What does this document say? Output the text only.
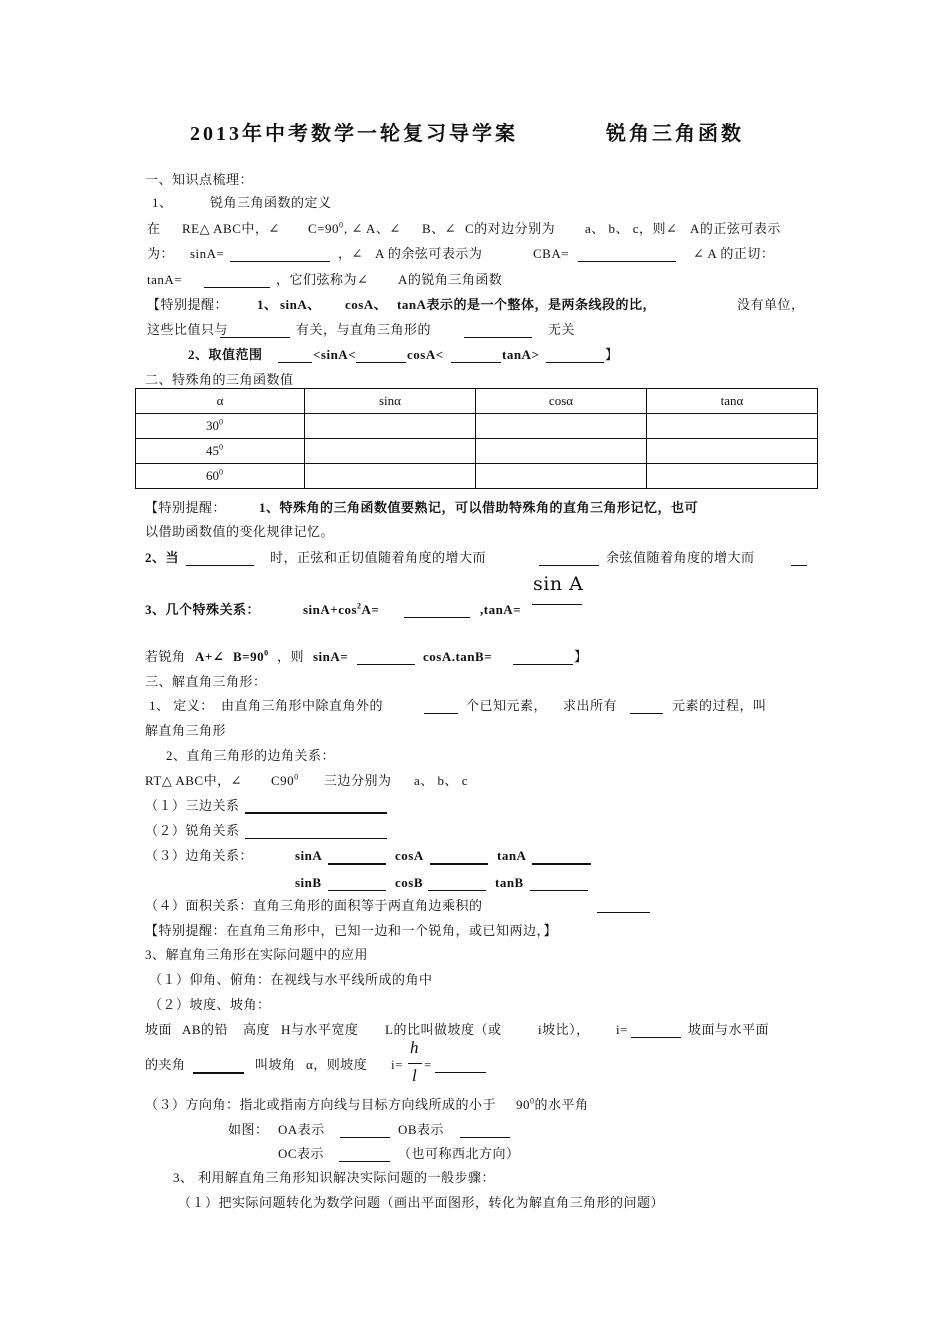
2013年中考数学一轮复习导学案	锐角三角函数
一、知识点梳理：
1、	锐角三角函数的定义
在 RE△ ABC中，∠ $C=90^0$ , ∠ A、∠ B、∠ C的对边分别为 a、 b、 c，则∠ A的正弦可表示
为： sinA=	，∠ A 的余弦可表示为	CBA=	∠ A 的正切：
tanA=	，它们弦称为∠ A的锐角三角函数
【特别提醒： 1、 sinA、 cosA、 tanA表示的是一个整体，是两条线段的比，	没有单位，
这些比值只与	有关，与直角三角形的	无关
2、取值范围	<sinA<	cosA<	tanA>	】
二、特殊角的三角函数值
α	sinα	cosα	tanα
$30^0$			
$45^0$			
$60^0$			
【特别提醒：	1、特殊角的三角函数值要熟记，可以借助特殊角的直角三角形记忆，也可
以借助函数值的变化规律记忆。
2、当	时，正弦和正切值随着角度的增大而	余弦值随着角度的增大而
sin A
3、几个特殊关系：	$\sin A+\cos^2A=$	,tanA=
若锐角 A+∠ $B=90^0$ ，则 sinA=	cosA.tanB=	】
三、解直角三角形：
1、 定义： 由直角三角形中除直角外的	个已知元素， 求出所有	元素的过程，叫
解直角三角形
2、直角三角形的边角关系：
RT△ ABC中，∠ $C90^0$ 三边分别为 a、 b、 c
（１）三边关系
（２）锐角关系
（３）边角关系：	sinA	cosA	tanA
sinB	cosB	tanB
（４）面积关系：直角三角形的面积等于两直角边乘积的
【特别提醒：在直角三角形中，已知一边和一个锐角，或已知两边，】
3、解直角三角形在实际问题中的应用
（１）仰角、俯角：在视线与水平线所成的角中
（２）坡度、坡角：
坡面 AB的铅 高度 H与水平宽度 L的比叫做坡度（或	i坡比）， i=	坡面与水平面
的夹角	叫坡角 α，则坡度 i=
h
l
=
（３）方向角：指北或指南方向线与目标方向线所成的小于 $90^0$的水平角
如图： OA表示	OB表示
OC表示	（也可称西北方向）
3、 利用解直角三角形知识解决实际问题的一般步骤：
（１）把实际问题转化为数学问题（画出平面图形，转化为解直角三角形的问题）
